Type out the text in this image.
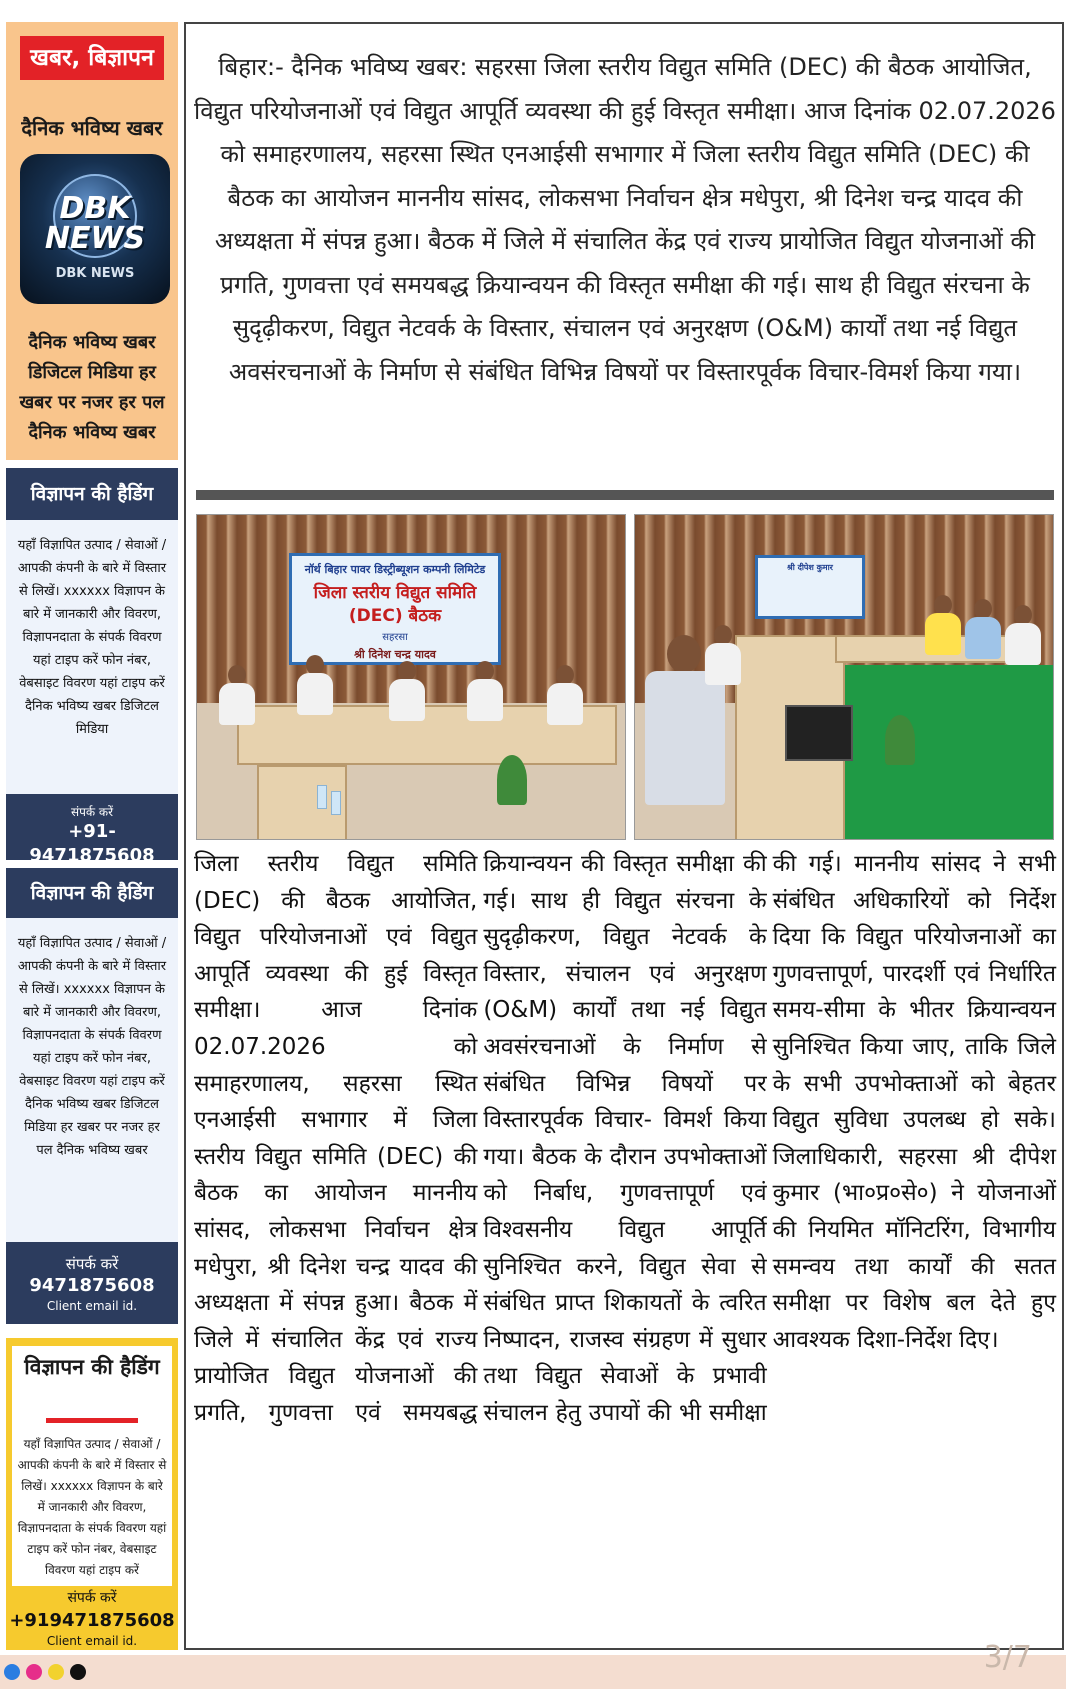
खबर, बिज्ञापन
दैनिक भविष्य खबर
DBK NEWS
DBK NEWS
दैनिक भविष्य खबर
डिजिटल मिडिया हर
खबर पर नजर हर पल
दैनिक भविष्य खबर
विज्ञापन की हैडिंग
यहाँ विज्ञापित उत्पाद / सेवाओं / आपकी कंपनी के बारे में विस्तार से लिखें। xxxxxx विज्ञापन के बारे में जानकारी और विवरण, विज्ञापनदाता के संपर्क विवरण यहां टाइप करें फोन नंबर, वेबसाइट विवरण यहां टाइप करें दैनिक भविष्य खबर डिजिटल मिडिया
संपर्क करें
+91-9471875608
विज्ञापन की हैडिंग
यहाँ विज्ञापित उत्पाद / सेवाओं / आपकी कंपनी के बारे में विस्तार से लिखें। xxxxxx विज्ञापन के बारे में जानकारी और विवरण, विज्ञापनदाता के संपर्क विवरण यहां टाइप करें फोन नंबर, वेबसाइट विवरण यहां टाइप करें दैनिक भविष्य खबर डिजिटल मिडिया हर खबर पर नजर हर पल दैनिक भविष्य खबर
संपर्क करें
9471875608
Client email id.
विज्ञापन की हैडिंग
यहाँ विज्ञापित उत्पाद / सेवाओं / आपकी कंपनी के बारे में विस्तार से लिखें। xxxxxx विज्ञापन के बारे में जानकारी और विवरण, विज्ञापनदाता के संपर्क विवरण यहां टाइप करें फोन नंबर, वेबसाइट विवरण यहां टाइप करें
संपर्क करें
+919471875608
Client email id.
बिहार:- दैनिक भविष्य खबर: सहरसा जिला स्तरीय विद्युत समिति (DEC) की बैठक आयोजित, विद्युत परियोजनाओं एवं विद्युत आपूर्ति व्यवस्था की हुई विस्तृत समीक्षा। आज दिनांक 02.07.2026 को समाहरणालय, सहरसा स्थित एनआईसी सभागार में जिला स्तरीय विद्युत समिति (DEC) की बैठक का आयोजन माननीय सांसद, लोकसभा निर्वाचन क्षेत्र मधेपुरा, श्री दिनेश चन्द्र यादव की अध्यक्षता में संपन्न हुआ। बैठक में जिले में संचालित केंद्र एवं राज्य प्रायोजित विद्युत योजनाओं की प्रगति, गुणवत्ता एवं समयबद्ध क्रियान्वयन की विस्तृत समीक्षा की गई। साथ ही विद्युत संरचना के सुदृढ़ीकरण, विद्युत नेटवर्क के विस्तार, संचालन एवं अनुरक्षण (O&M) कार्यों तथा नई विद्युत अवसंरचनाओं के निर्माण से संबंधित विभिन्न विषयों पर विस्तारपूर्वक विचार-विमर्श किया गया।
नॉर्थ बिहार पावर डिस्ट्रीब्यूशन कम्पनी लिमिटेड
जिला स्तरीय विद्युत समिति (DEC) बैठक
सहरसा
श्री दिनेश चन्द्र यादव
श्री दीपेश कुमार
जिला स्तरीय विद्युत समिति (DEC) की बैठक आयोजित, विद्युत परियोजनाओं एवं विद्युत आपूर्ति व्यवस्था की हुई विस्तृत समीक्षा। आज दिनांक 02.07.2026 को समाहरणालय, सहरसा स्थित एनआईसी सभागार में जिला स्तरीय विद्युत समिति (DEC) की बैठक का आयोजन माननीय सांसद, लोकसभा निर्वाचन क्षेत्र मधेपुरा, श्री दिनेश चन्द्र यादव की अध्यक्षता में संपन्न हुआ। बैठक में जिले में संचालित केंद्र एवं राज्य प्रायोजित विद्युत योजनाओं की प्रगति, गुणवत्ता एवं समयबद्ध क्रियान्वयन की विस्तृत समीक्षा की गई। साथ ही विद्युत संरचना के सुदृढ़ीकरण, विद्युत नेटवर्क के विस्तार, संचालन एवं अनुरक्षण (O&M) कार्यों तथा नई विद्युत अवसंरचनाओं के निर्माण से संबंधित विभिन्न विषयों पर विस्तारपूर्वक विचार- विमर्श किया गया। बैठक के दौरान उपभोक्ताओं को निर्बाध, गुणवत्तापूर्ण एवं विश्वसनीय विद्युत आपूर्ति सुनिश्चित करने, विद्युत सेवा से संबंधित प्राप्त शिकायतों के त्वरित निष्पादन, राजस्व संग्रहण में सुधार तथा विद्युत सेवाओं के प्रभावी संचालन हेतु उपायों की भी समीक्षा की गई। माननीय सांसद ने सभी संबंधित अधिकारियों को निर्देश दिया कि विद्युत परियोजनाओं का गुणवत्तापूर्ण, पारदर्शी एवं निर्धारित समय-सीमा के भीतर क्रियान्वयन सुनिश्चित किया जाए, ताकि जिले के सभी उपभोक्ताओं को बेहतर विद्युत सुविधा उपलब्ध हो सके। जिलाधिकारी, सहरसा श्री दीपेश कुमार (भा०प्र०से०) ने योजनाओं की नियमित मॉनिटरिंग, विभागीय समन्वय तथा कार्यों की सतत समीक्षा पर विशेष बल देते हुए आवश्यक दिशा-निर्देश दिए।
3/7
